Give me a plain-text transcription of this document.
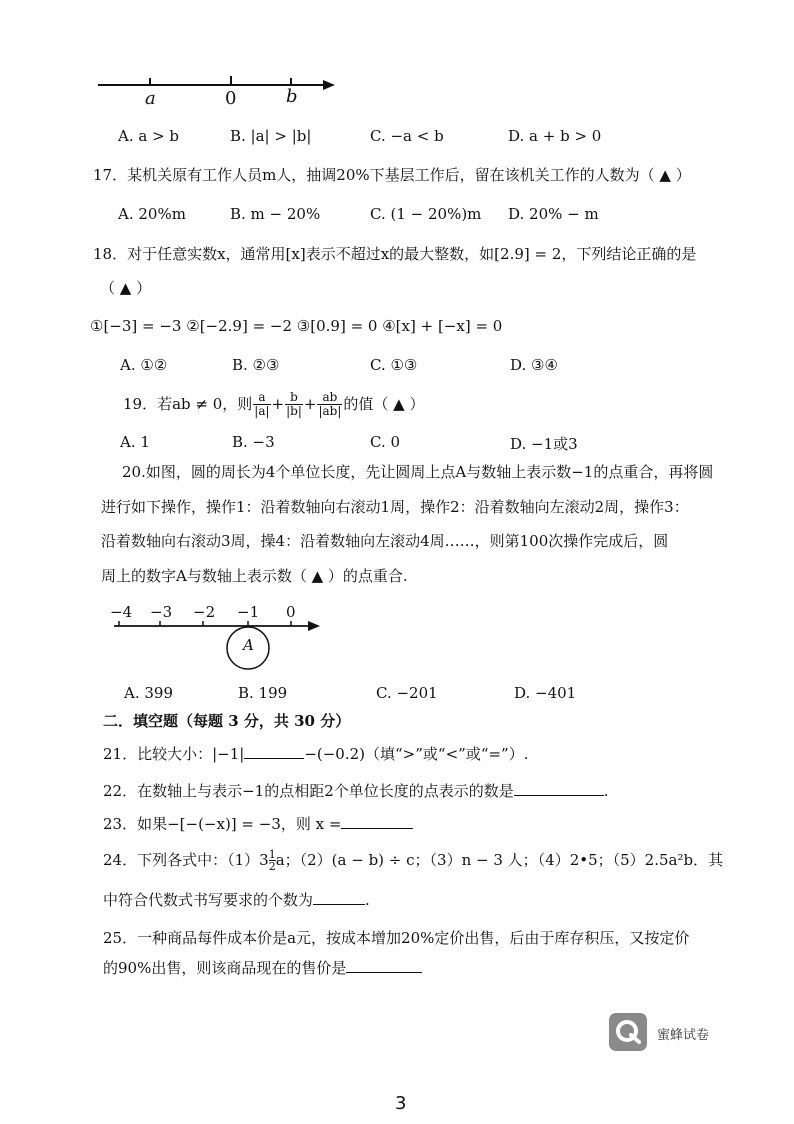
a	0	b
A. a > b	B. |a| > |b|	C. −a < b	D. a + b > 0
17．某机关原有工作人员m人，抽调20%下基层工作后，留在该机关工作的人数为（ ▲ ）
A. 20%m	B. m − 20%	C. (1 − 20%)m D. 20% − m
18．对于任意实数x，通常用[x]表示不超过x的最大整数，如[2.9] = 2，下列结论正确的是
（ ▲ ）
①[−3] = −3 ②[−2.9] = −2 ③[0.9] = 0 ④[x] + [−x] = 0
A. ①②	B. ②③	C. ①③	D. ③④
19．若ab ≠ 0，则 $\frac{a}{|a|} + \frac{b}{|b|} + \frac{ab}{|ab|}$ 的值（ ▲ ）
A. 1	B. −3	C. 0	D. −1或3
20.如图，圆的周长为4个单位长度，先让圆周上点A与数轴上表示数−1的点重合，再将圆
进行如下操作，操作1：沿着数轴向右滚动1周，操作2：沿着数轴向左滚动2周，操作3：
沿着数轴向右滚动3周，操4：沿着数轴向左滚动4周……，则第100次操作完成后，圆
周上的数字A与数轴上表示数（ ▲ ）的点重合.
−4 −3 −2 −1 0
A
A. 399	B. 199	C. −201	D. −401
二．填空题（每题 3 分，共 30 分）
21．比较大小：|−1|	−(−0.2)（填“>”或“<”或“=”）.
22．在数轴上与表示−1的点相距2个单位长度的点表示的数是	.
23．如果−[−(−x)] = −3，则 x =
24．下列各式中：（1）3 1
2 a；（2）(a − b) ÷ c；（3）n − 3 人；（4）2•5；（5）2.5a²b．其
中符合代数式书写要求的个数为	.
25．一种商品每件成本价是a元，按成本增加20%定价出售，后由于库存积压，又按定价
的90%出售，则该商品现在的售价是
蜜蜂试卷
3
